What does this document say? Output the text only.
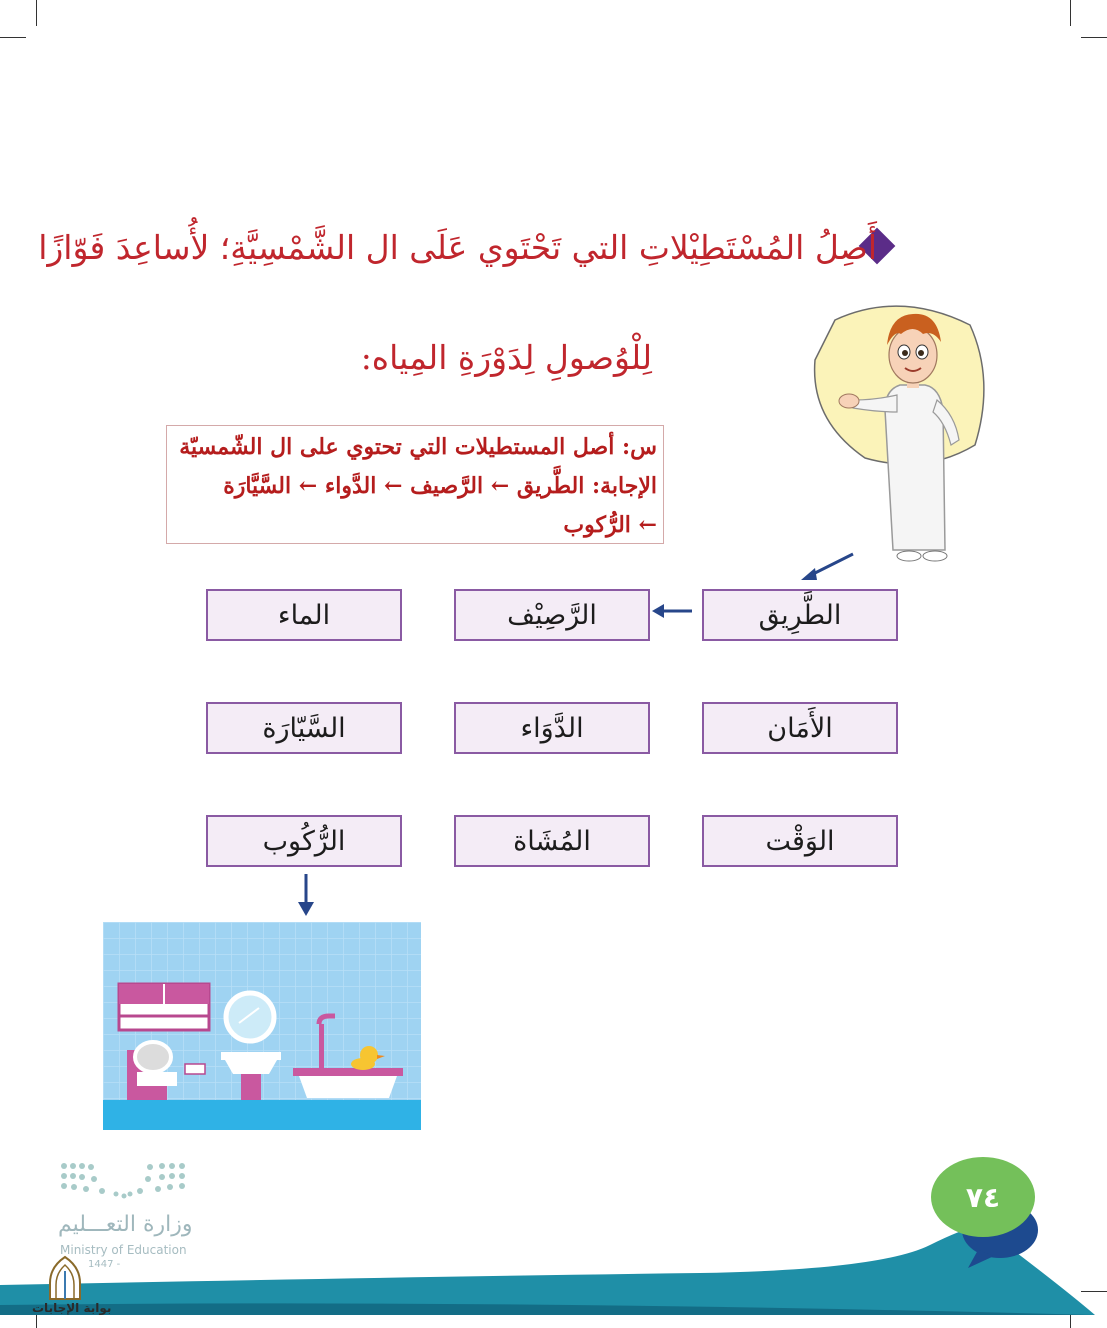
أَصِلُ المُسْتَطِيْلاتِ التي تَحْتَوي عَلَى ال الشَّمْسِيَّةِ؛ لأُساعِدَ فَوّازًا
لِلْوُصولِ لِدَوْرَةِ المِياه:
س: أصل المستطيلات التي تحتوي على ال الشّمسيّة
الإجابة: الطَّريق ← الرَّصيف ← الدَّواء ← السَّيَّارَة
← الرُّكوب
الطَّرِيق
الرَّصِيْف
الماء
الأَمَان
الدَّوَاء
السَّيّارَة
الوَقْت
المُشَاة
الرُّكُوب
٧٤
وزارة التعـــليم
Ministry of Education
1447 -
بوابة الإجابات
